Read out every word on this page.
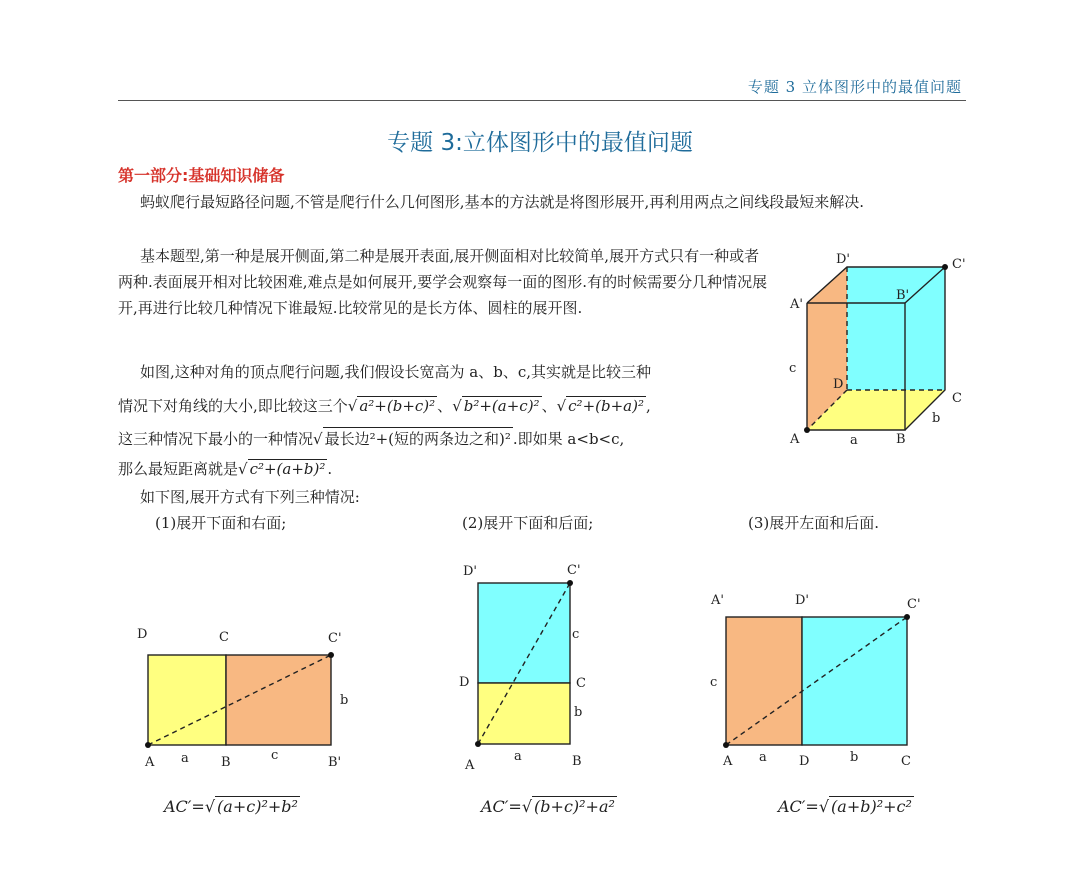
专题 3 立体图形中的最值问题
专题 3:立体图形中的最值问题
第一部分:基础知识储备
蚂蚁爬行最短路径问题,不管是爬行什么几何图形,基本的方法就是将图形展开,再利用两点之间线段最短来解决.
基本题型,第一种是展开侧面,第二种是展开表面,展开侧面相对比较简单,展开方式只有一种或者两种.表面展开相对比较困难,难点是如何展开,要学会观察每一面的图形.有的时候需要分几种情况展开,再进行比较几种情况下谁最短.比较常见的是长方体、圆柱的展开图.
如图,这种对角的顶点爬行问题,我们假设长宽高为 a、b、c,其实就是比较三种
情况下对角线的大小,即比较这三个√ a²+(b+c)² 、√ b²+(a+c)² 、√ c²+(b+a)² ,
这三种情况下最小的一种情况√ 最长边²+(短的两条边之和)² .即如果 a<b<c,
那么最短距离就是√ c²+(a+b)² .
如下图,展开方式有下列三种情况:
(1)展开下面和右面;	(2)展开下面和后面;	(3)展开左面和后面.
D'	C'
A'
B'
c
D
C
b
A	a	B
D	C	C'
b
A a B	c	B'
D'	C'
c
D	C
b
A
a	B
A'	D'	C'
c
A a D	b	C
AC′=√ (a+c)²+b²	AC′=√ (b+c)²+a²	AC′=√ (a+b)²+c²
